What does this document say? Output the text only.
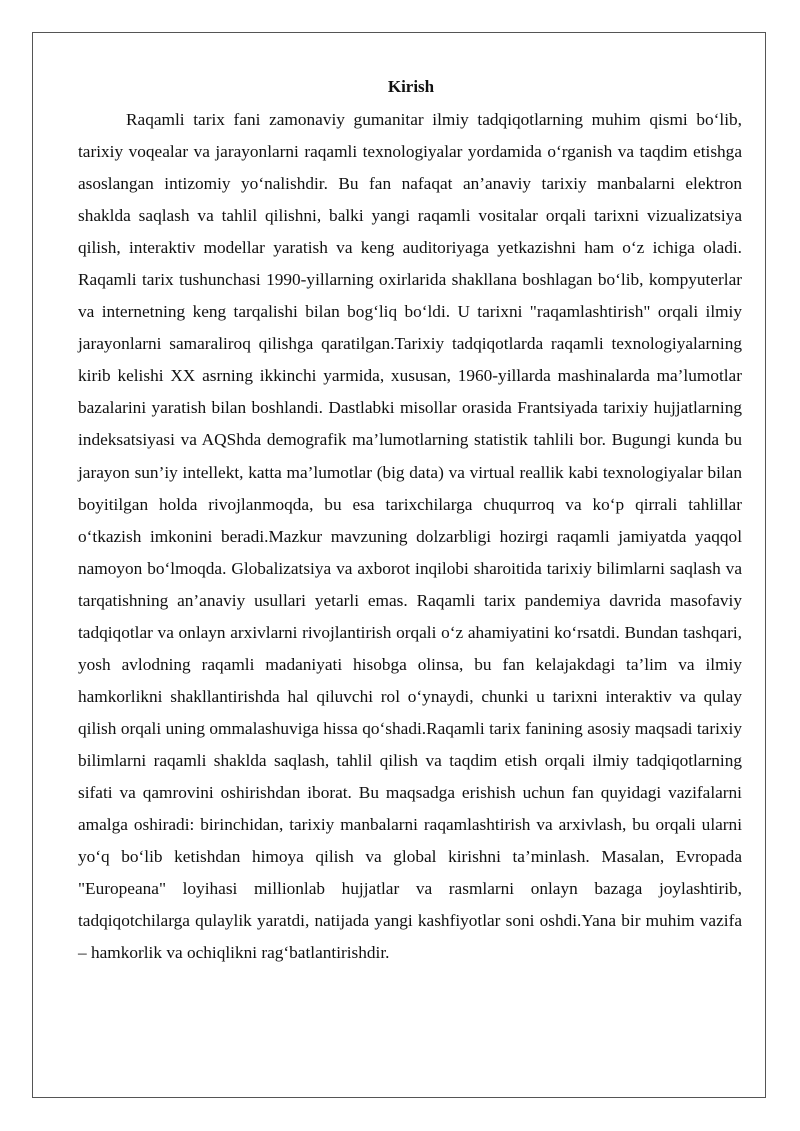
Kirish

Raqamli tarix fani zamonaviy gumanitar ilmiy tadqiqotlarning muhim qismi boʻlib, tarixiy voqealar va jarayonlarni raqamli texnologiyalar yordamida oʻrganish va taqdim etishga asoslangan intizomiy yoʻnalishdir. Bu fan nafaqat an’anaviy tarixiy manbalarni elektron shaklda saqlash va tahlil qilishni, balki yangi raqamli vositalar orqali tarixni vizualizatsiya qilish, interaktiv modellar yaratish va keng auditoriyaga yetkazishni ham oʻz ichiga oladi. Raqamli tarix tushunchasi 1990-yillarning oxirlarida shakllana boshlagan boʻlib, kompyuterlar va internetning keng tarqalishi bilan bogʻliq boʻldi. U tarixni "raqamlashtirish" orqali ilmiy jarayonlarni samaraliroq qilishga qaratilgan.Tarixiy tadqiqotlarda raqamli texnologiyalarning kirib kelishi XX asrning ikkinchi yarmida, xususan, 1960-yillarda mashinalarda ma’lumotlar bazalarini yaratish bilan boshlandi. Dastlabki misollar orasida Frantsiyada tarixiy hujjatlarning indeksatsiyasi va AQShda demografik ma’lumotlarning statistik tahlili bor. Bugungi kunda bu jarayon sun’iy intellekt, katta ma’lumotlar (big data) va virtual reallik kabi texnologiyalar bilan boyitilgan holda rivojlanmoqda, bu esa tarixchilarga chuqurroq va koʻp qirrali tahlillar oʻtkazish imkonini beradi.Mazkur mavzuning dolzarbligi hozirgi raqamli jamiyatda yaqqol namoyon boʻlmoqda. Globalizatsiya va axborot inqilobi sharoitida tarixiy bilimlarni saqlash va tarqatishning an’anaviy usullari yetarli emas. Raqamli tarix pandemiya davrida masofaviy tadqiqotlar va onlayn arxivlarni rivojlantirish orqali oʻz ahamiyatini koʻrsatdi. Bundan tashqari, yosh avlodning raqamli madaniyati hisobga olinsa, bu fan kelajakdagi ta’lim va ilmiy hamkorlikni shakllantirishda hal qiluvchi rol oʻynaydi, chunki u tarixni interaktiv va qulay qilish orqali uning ommalashuviga hissa qoʻshadi.Raqamli tarix fanining asosiy maqsadi tarixiy bilimlarni raqamli shaklda saqlash, tahlil qilish va taqdim etish orqali ilmiy tadqiqotlarning sifati va qamrovini oshirishdan iborat. Bu maqsadga erishish uchun fan quyidagi vazifalarni amalga oshiradi: birinchidan, tarixiy manbalarni raqamlashtirish va arxivlash, bu orqali ularni yoʻq boʻlib ketishdan himoya qilish va global kirishni ta’minlash. Masalan, Evropada "Europeana" loyihasi millionlab hujjatlar va rasmlarni onlayn bazaga joylashtirib, tadqiqotchilarga qulaylik yaratdi, natijada yangi kashfiyotlar soni oshdi.Yana bir muhim vazifa – hamkorlik va ochiqlikni ragʻbatlantirishdir.
